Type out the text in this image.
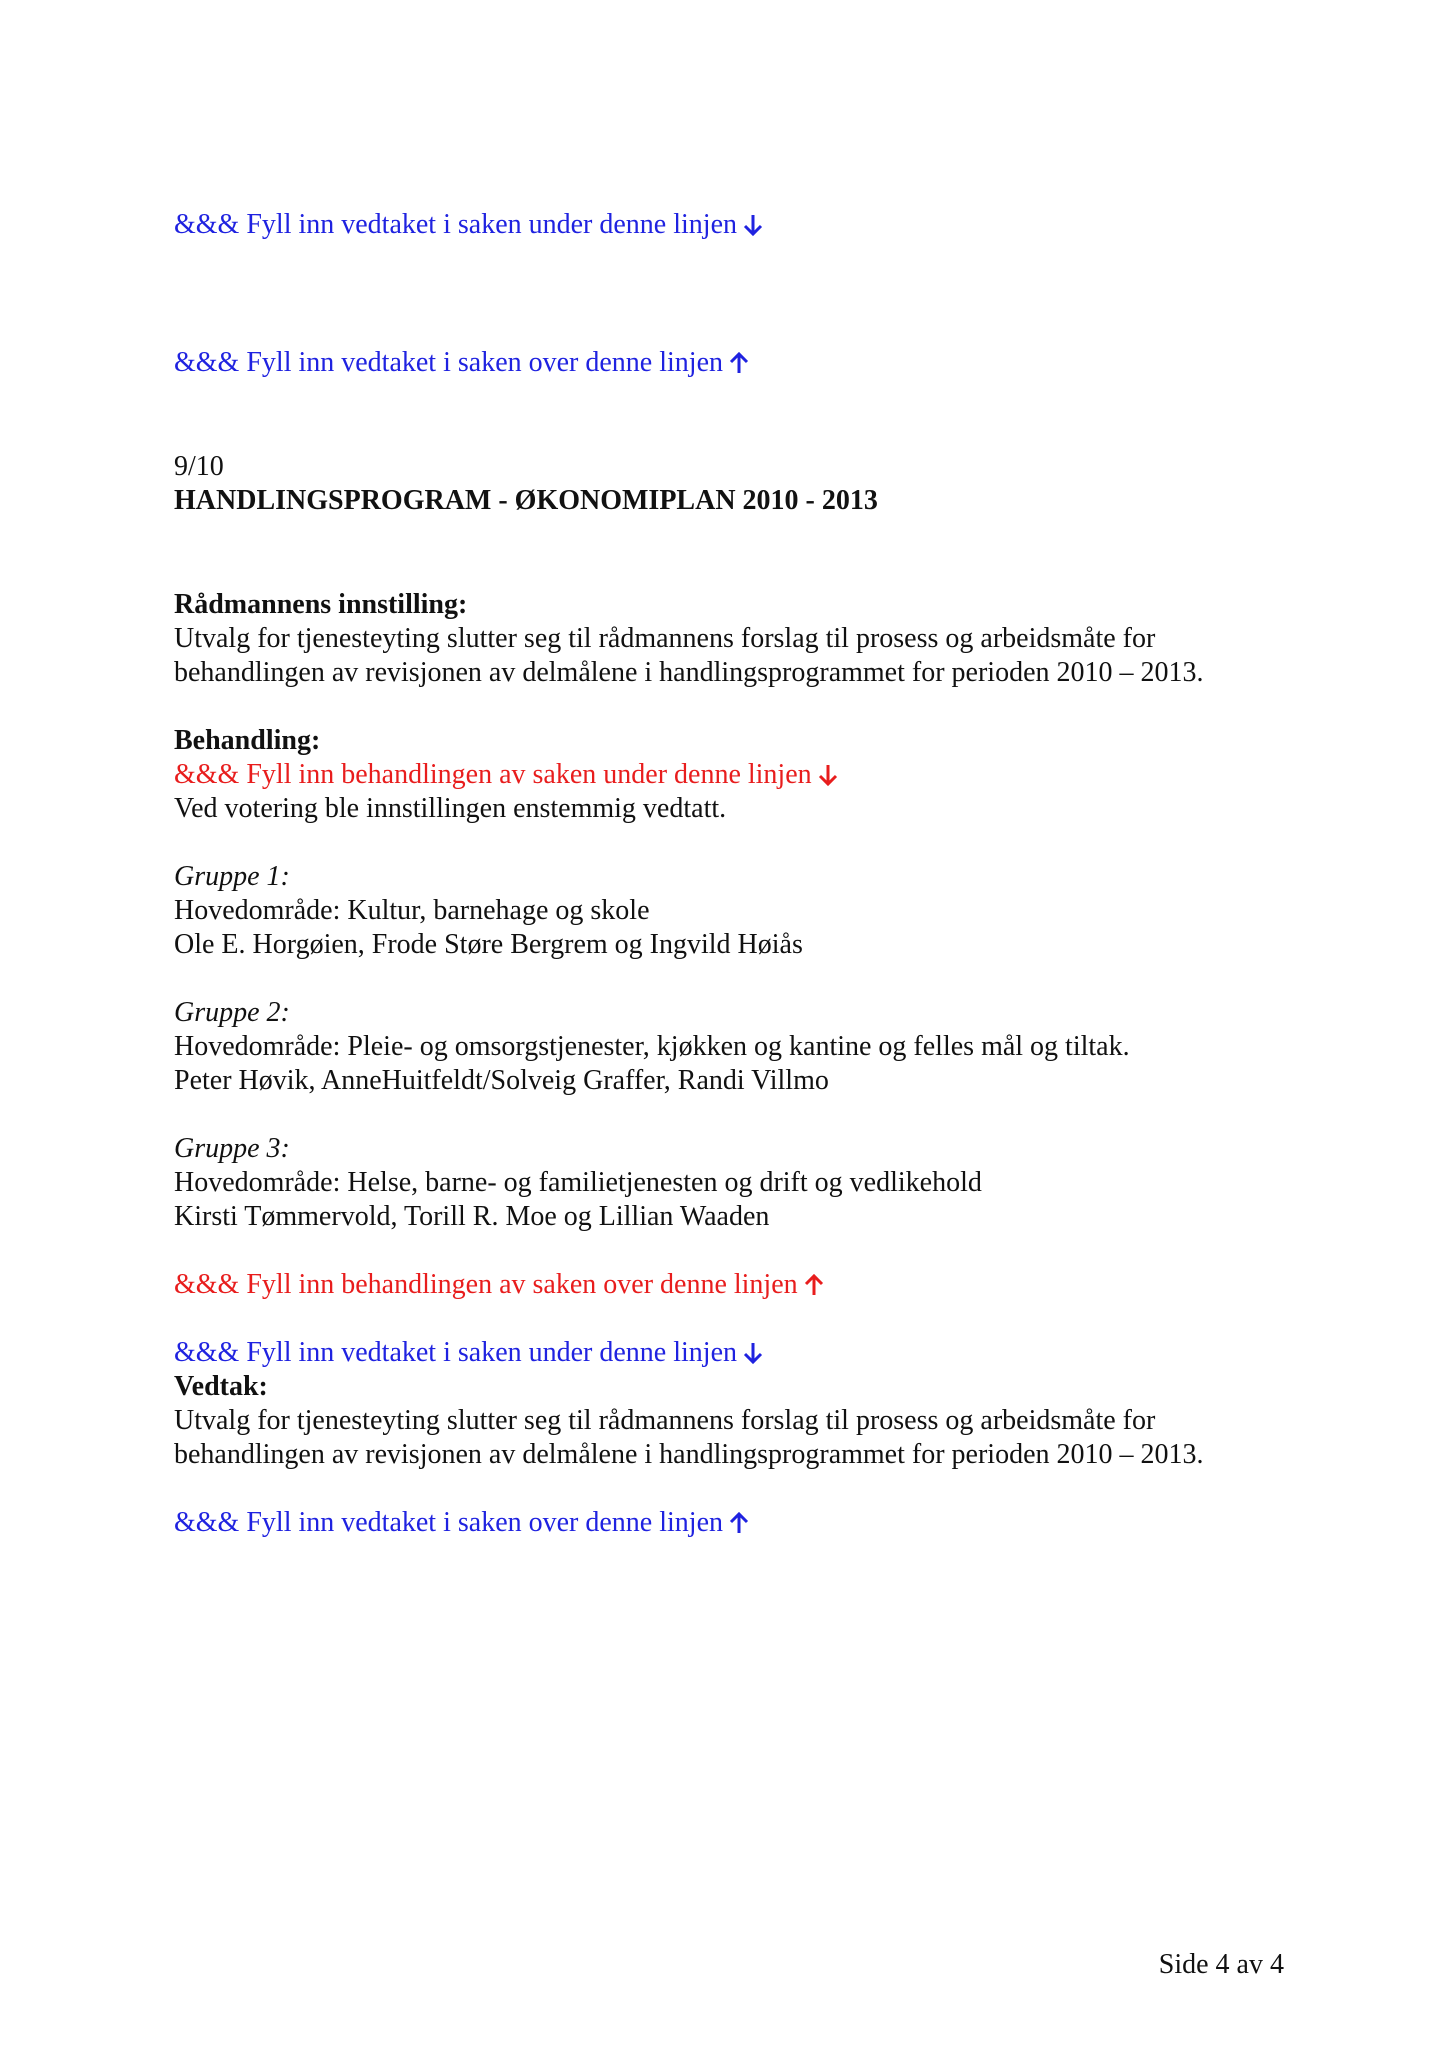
&&& Fyll inn vedtaket i saken under denne linjen
&&& Fyll inn vedtaket i saken over denne linjen
9/10
HANDLINGSPROGRAM - ØKONOMIPLAN 2010 - 2013
Rådmannens innstilling:
Utvalg for tjenesteyting slutter seg til rådmannens forslag til prosess og arbeidsmåte for
behandlingen av revisjonen av delmålene i handlingsprogrammet for perioden 2010 – 2013.
Behandling:
&&& Fyll inn behandlingen av saken under denne linjen
Ved votering ble innstillingen enstemmig vedtatt.
Gruppe 1:
Hovedområde: Kultur, barnehage og skole
Ole E. Horgøien, Frode Støre Bergrem og Ingvild Høiås
Gruppe 2:
Hovedområde: Pleie- og omsorgstjenester, kjøkken og kantine og felles mål og tiltak.
Peter Høvik, AnneHuitfeldt/Solveig Graffer, Randi Villmo
Gruppe 3:
Hovedområde: Helse, barne- og familietjenesten og drift og vedlikehold
Kirsti Tømmervold, Torill R. Moe og Lillian Waaden
&&& Fyll inn behandlingen av saken over denne linjen
&&& Fyll inn vedtaket i saken under denne linjen
Vedtak:
Utvalg for tjenesteyting slutter seg til rådmannens forslag til prosess og arbeidsmåte for
behandlingen av revisjonen av delmålene i handlingsprogrammet for perioden 2010 – 2013.
&&& Fyll inn vedtaket i saken over denne linjen
Side 4 av 4
